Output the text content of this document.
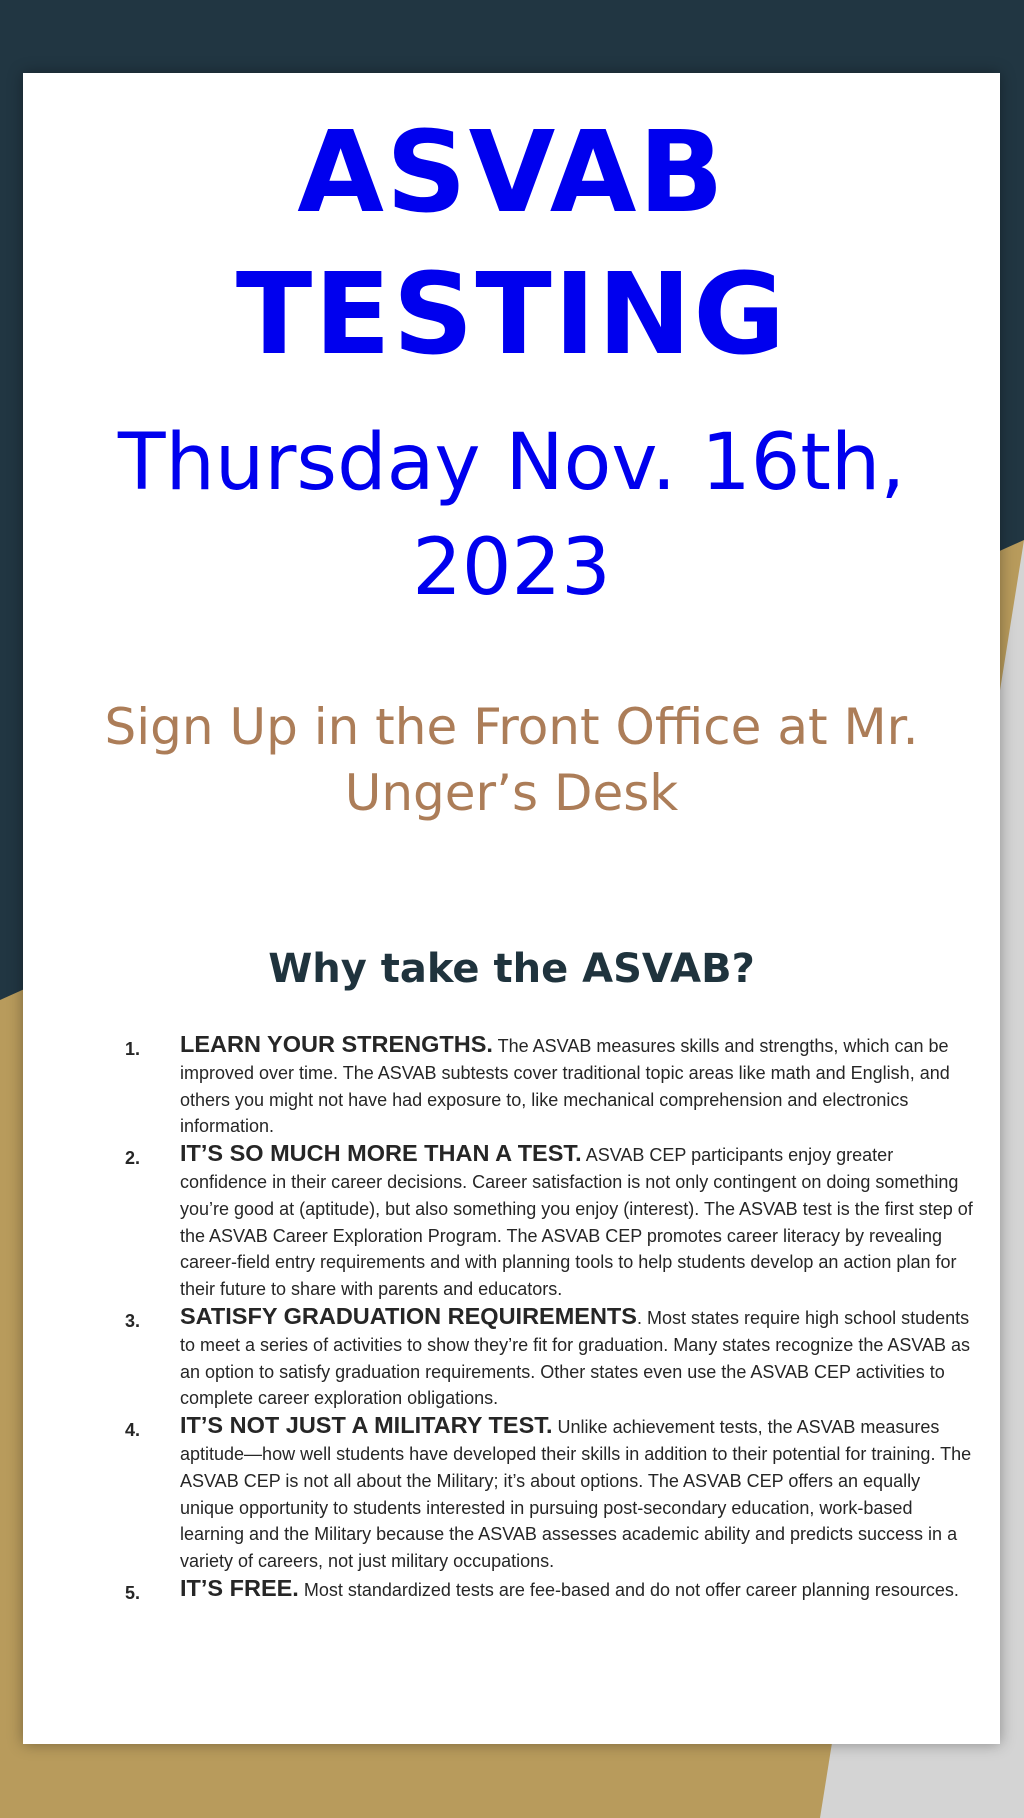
ASVAB
TESTING
Thursday Nov. 16th,
2023
Sign Up in the Front Office at Mr.
Unger’s Desk
Why take the ASVAB?
1. LEARN YOUR STRENGTHS. The ASVAB measures skills and strengths, which can be improved over time. The ASVAB subtests cover traditional topic areas like math and English, and others you might not have had exposure to, like mechanical comprehension and electronics information.
2. IT’S SO MUCH MORE THAN A TEST. ASVAB CEP participants enjoy greater confidence in their career decisions. Career satisfaction is not only contingent on doing something you’re good at (aptitude), but also something you enjoy (interest). The ASVAB test is the first step of the ASVAB Career Exploration Program. The ASVAB CEP promotes career literacy by revealing career-field entry requirements and with planning tools to help students develop an action plan for their future to share with parents and educators.
3. SATISFY GRADUATION REQUIREMENTS. Most states require high school students to meet a series of activities to show they’re fit for graduation. Many states recognize the ASVAB as an option to satisfy graduation requirements. Other states even use the ASVAB CEP activities to complete career exploration obligations.
4. IT’S NOT JUST A MILITARY TEST. Unlike achievement tests, the ASVAB measures aptitude—how well students have developed their skills in addition to their potential for training. The ASVAB CEP is not all about the Military; it’s about options. The ASVAB CEP offers an equally unique opportunity to students interested in pursuing post-secondary education, work-based learning and the Military because the ASVAB assesses academic ability and predicts success in a variety of careers, not just military occupations.
5. IT’S FREE. Most standardized tests are fee-based and do not offer career planning resources.
